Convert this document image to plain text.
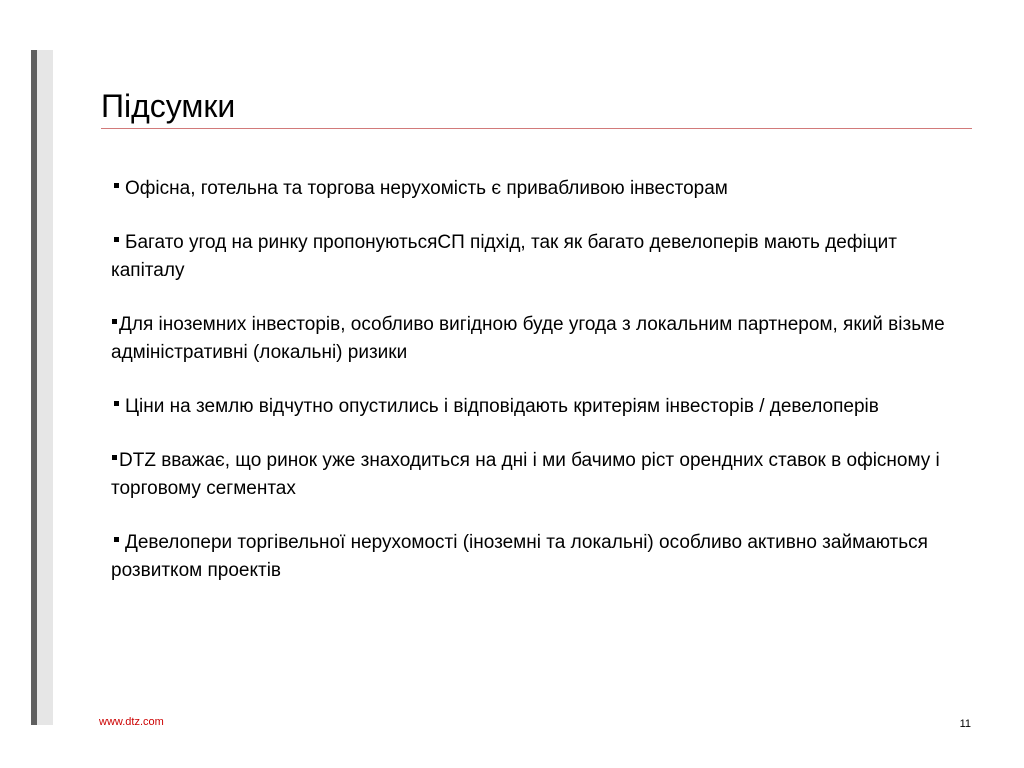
Підсумки
Офісна, готельна та торгова нерухомість є привабливою інвесторам
Багато угод на ринку пропонуютьсяСП підхід, так як багато девелоперів мають дефіцит капіталу
Для іноземних інвесторів, особливо вигідною буде угода з локальним партнером, який візьме адміністративні (локальні) ризики
Ціни на землю відчутно опустились і відповідають критеріям інвесторів / девелоперів
DTZ вважає, що ринок уже знаходиться на дні і ми бачимо ріст орендних ставок в офісному і торговому сегментах
Девелопери торгівельної нерухомості (іноземні та локальні) особливо активно займаються розвитком проектів
www.dtz.com	11
